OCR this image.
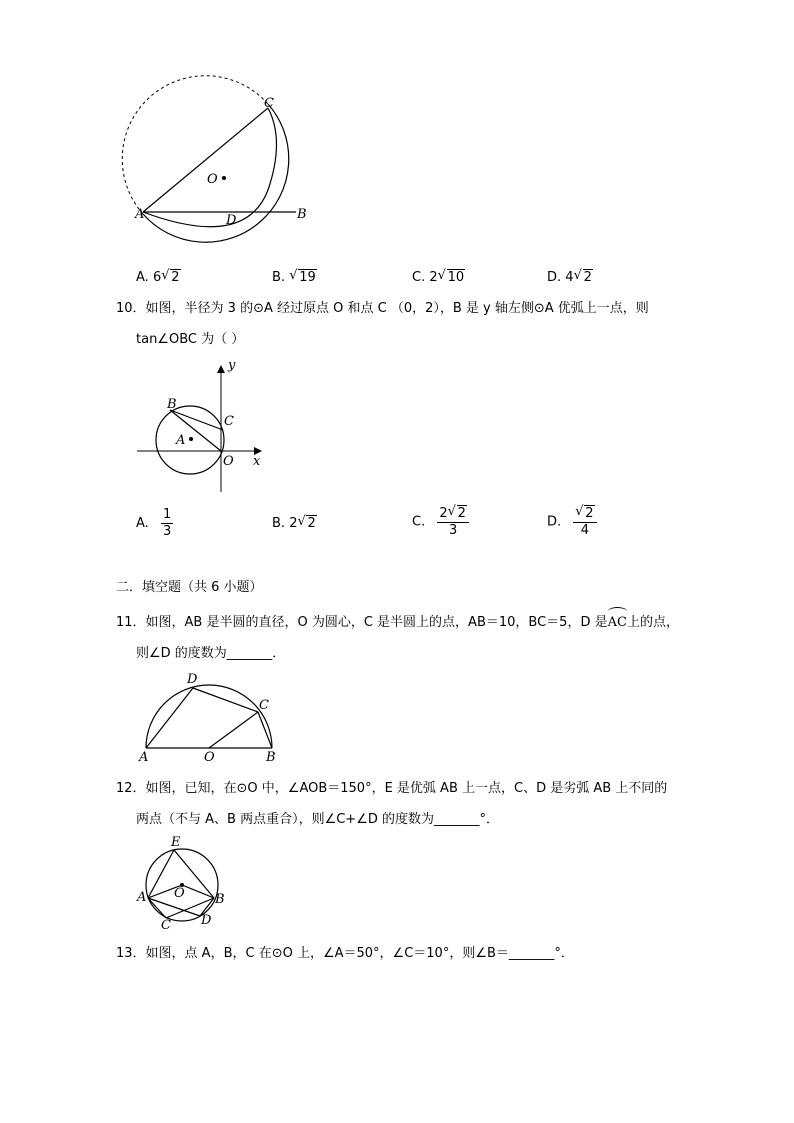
C
O
A	D	B
A. 6 √ 2	B. √ 19	C. 2 √ 10	D. 4 √ 2
10．如图，半径为 3 的⊙A 经过原点 O 和点 C （0，2），B 是 y 轴左侧⊙A 优弧上一点，则
tan∠OBC 为（ ）
y
B
C
A
O x
A. $\frac{1}{3}$	B. 2 √ 2	C. $\frac{2 √ 2}{3}$	D. √ $\frac{2}{4}$
二．填空题（共 6 小题）
11．如图，AB 是半圆的直径，O 为圆心，C 是半圆上的点，AB＝10，BC＝5，D 是
AC上的点，
则∠D 的度数为_______．
D
C
A	O	B
12．如图，已知，在⊙O 中，∠AOB＝150°，E 是优弧 AB 上一点，C、D 是劣弧 AB 上不同的
两点（不与 A、B 两点重合），则∠C+∠D 的度数为_______°．
E
A O B
C D
13．如图，点 A，B，C 在⊙O 上，∠A＝50°，∠C＝10°，则∠B＝_______°．
